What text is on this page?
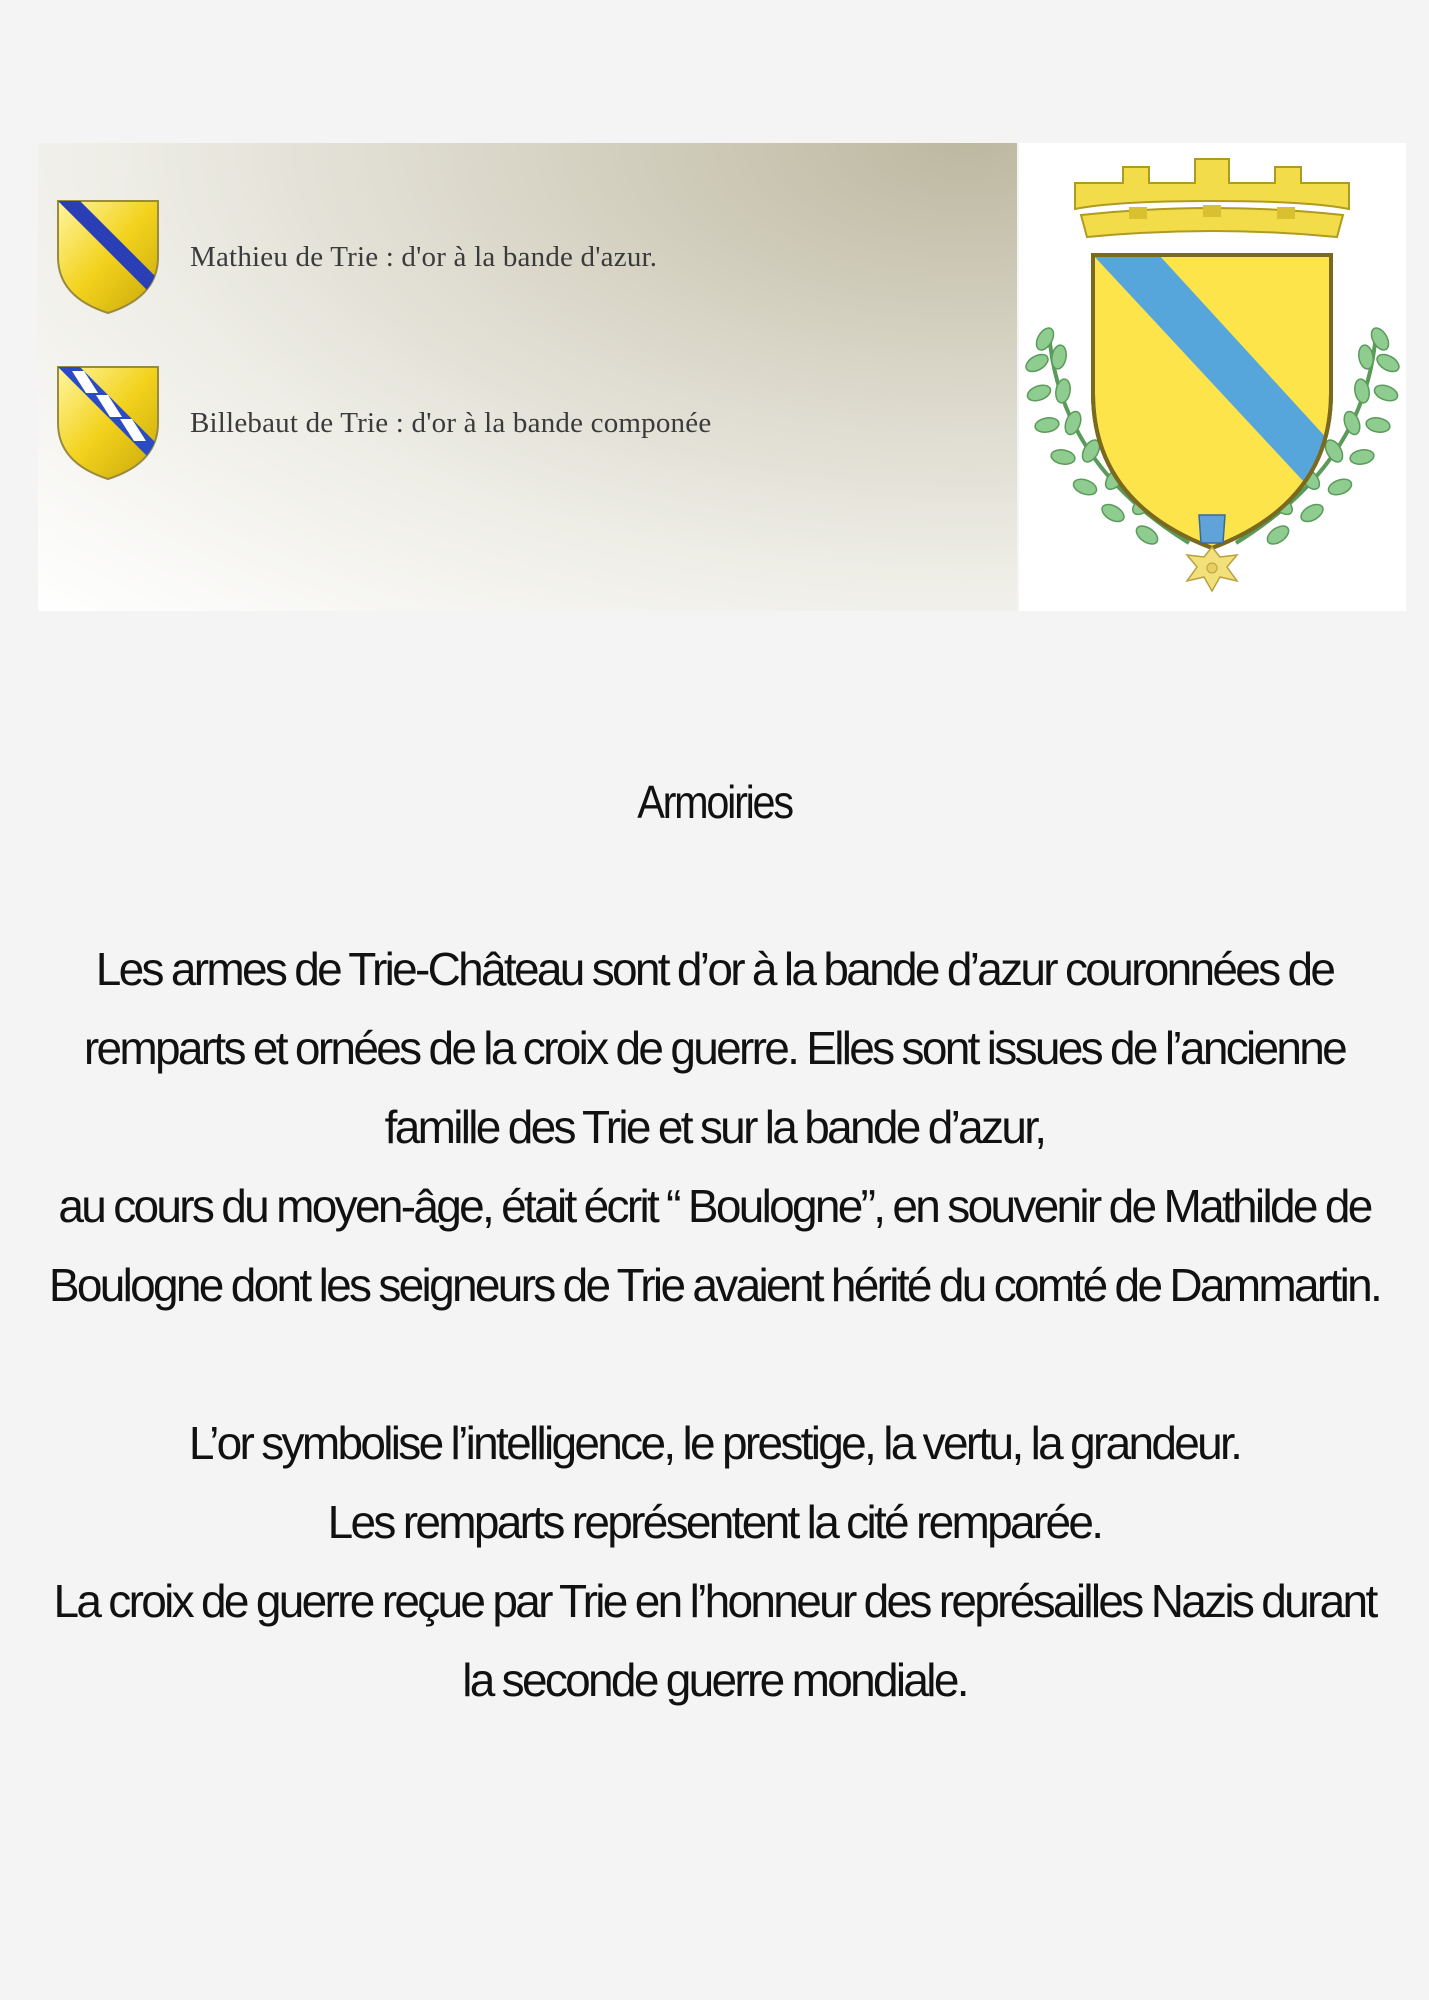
Mathieu de Trie : d'or à la bande d'azur.
Billebaut de Trie : d'or à la bande componée
Armoiries
Les armes de Trie-Château sont d’or à la bande d’azur couronnées de
remparts et ornées de la croix de guerre. Elles sont issues de l’ancienne
famille des Trie et sur la bande d’azur,
au cours du moyen-âge, était écrit “ Boulogne”, en souvenir de Mathilde de
Boulogne dont les seigneurs de Trie avaient hérité du comté de Dammartin.
L’or symbolise l’intelligence, le prestige, la vertu, la grandeur.
Les remparts représentent la cité remparée.
La croix de guerre reçue par Trie en l’honneur des représailles Nazis durant
la seconde guerre mondiale.
